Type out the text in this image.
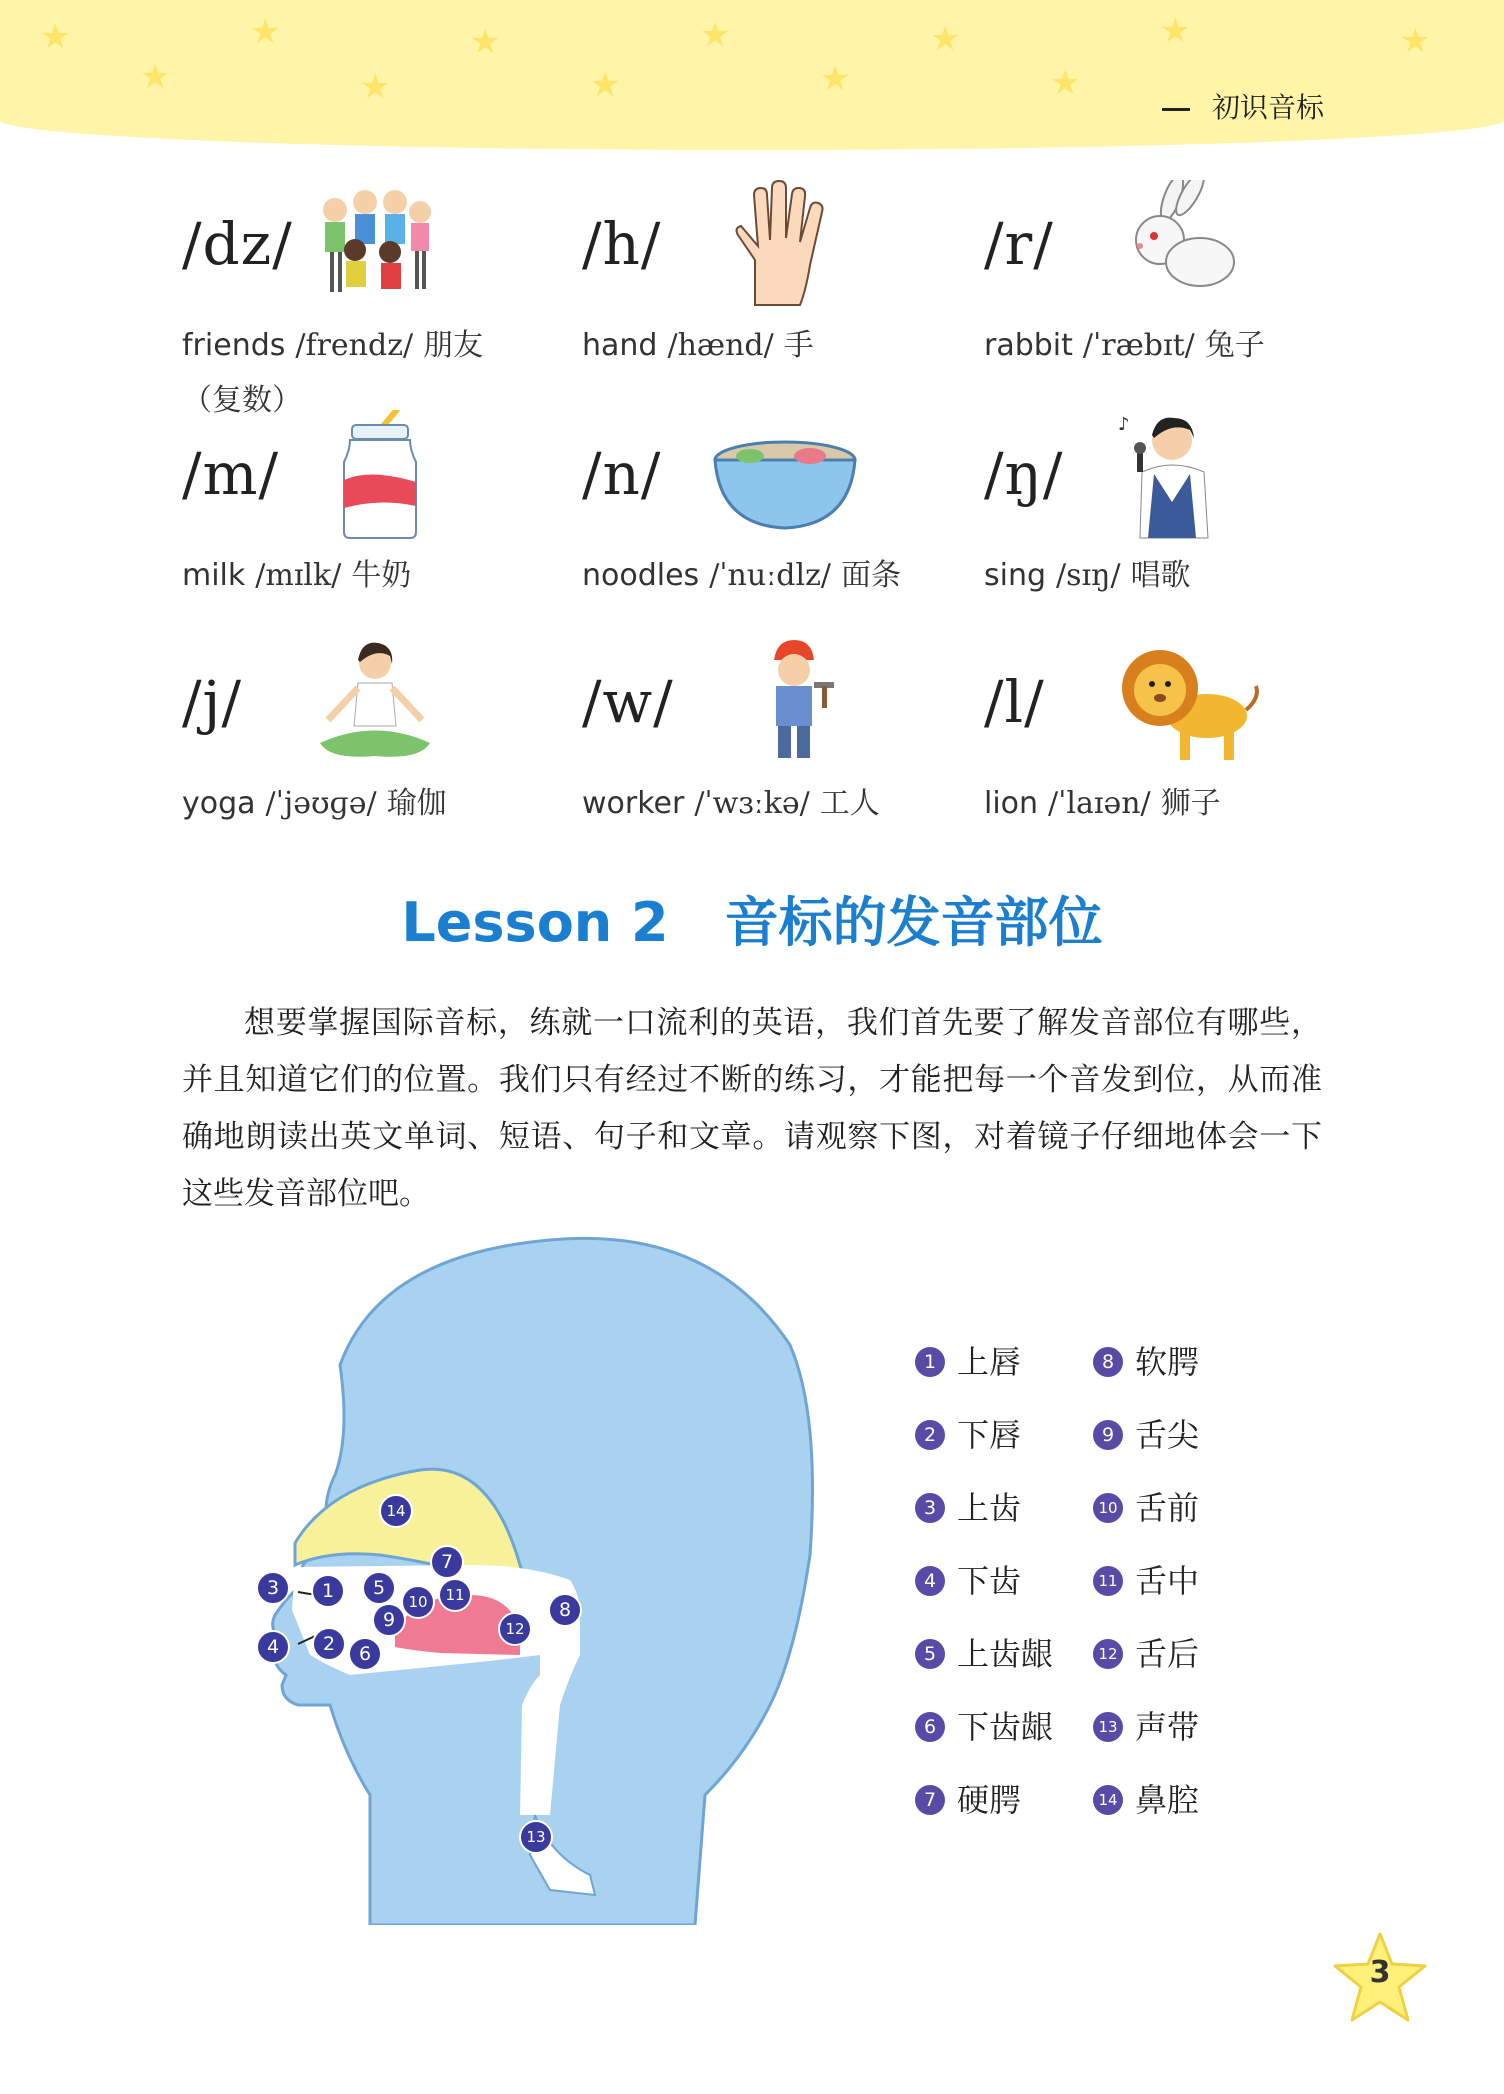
★
★
★
★
★
★
★
★
★
★
★	★
初识音标
/dz/
friends /frendz/ 朋友
（复数）
/h/
hand /hænd/ 手
/r/
rabbit /ˈræbɪt/ 兔子
/m/
milk /mɪlk/ 牛奶
/n/
noodles /ˈnuːdlz/ 面条
/ŋ/
♪
sing /sɪŋ/ 唱歌
/j/
yoga /ˈjəʊɡə/ 瑜伽
/w/
worker /ˈwɜːkə/ 工人
/l/
lion /ˈlaɪən/ 狮子
Lesson 2 音标的发音部位
想要掌握国际音标，练就一口流利的英语，我们首先要了解发音部位有哪些，并且知道它们的位置。我们只有经过不断的练习，才能把每一个音发到位，从而准确地朗读出英文单词、短语、句子和文章。请观察下图，对着镜子仔细地体会一下这些发音部位吧。
1
2
3
4
5
6
7
8
9
10	11
12
13
14
1 上唇
2 下唇
3 上齿
4 下齿
5 上齿龈
6 下齿龈
7 硬腭
8 软腭
9 舌尖
10 舌前
11 舌中
12 舌后
13 声带
14 鼻腔
3
